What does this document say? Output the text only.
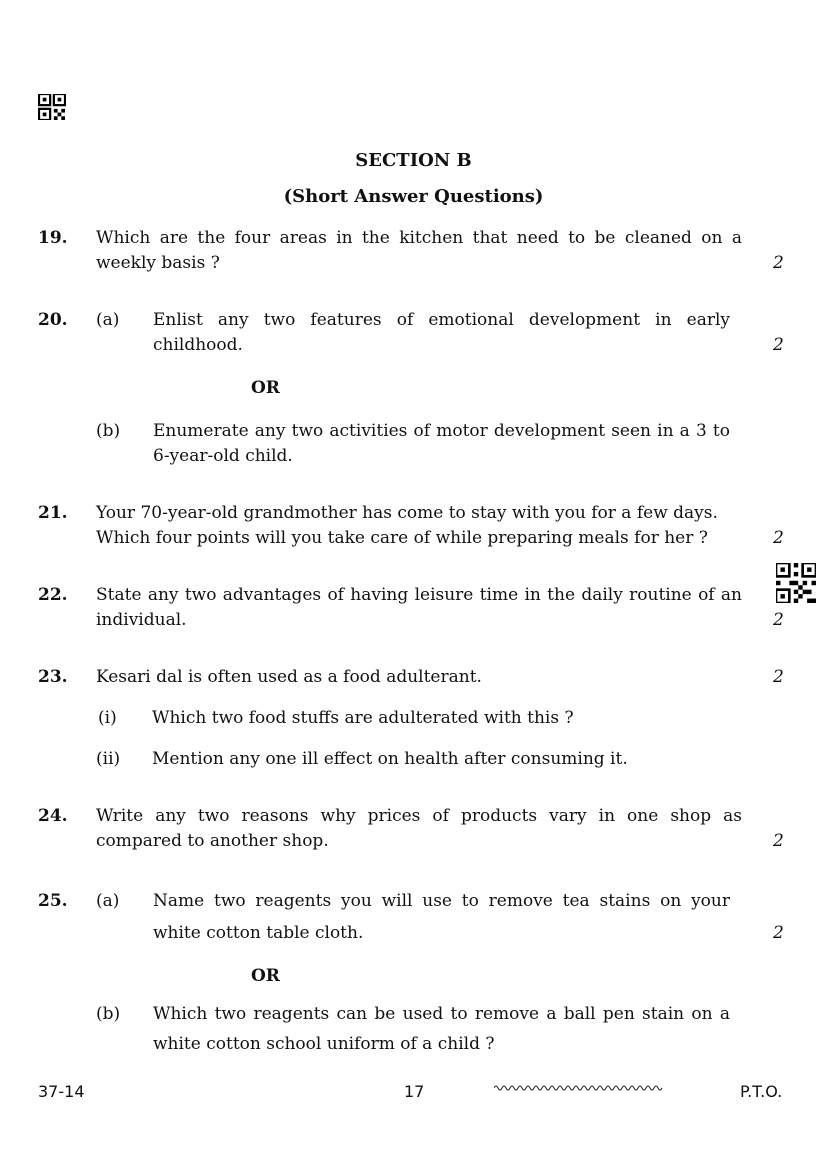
SECTION B
(Short Answer Questions)
19. Which are the four areas in the kitchen that need to be cleaned on a weekly basis ?	2
20. (a) Enlist any two features of emotional development in early childhood.	2
OR
(b) Enumerate any two activities of motor development seen in a 3 to 6-year-old child.
21. Your 70-year-old grandmother has come to stay with you for a few days.
Which four points will you take care of while preparing meals for her ?	2
22. State any two advantages of having leisure time in the daily routine of an individual.	2
23. Kesari dal is often used as a food adulterant.	2
(i) Which two food stuffs are adulterated with this ?
(ii) Mention any one ill effect on health after consuming it.
24. Write any two reasons why prices of products vary in one shop as compared to another shop.	2
25. (a) Name two reagents you will use to remove tea stains on your
white cotton table cloth.	2
OR
(b) Which two reagents can be used to remove a ball pen stain on a
white cotton school uniform of a child ?
37-14	17	P.T.O.
